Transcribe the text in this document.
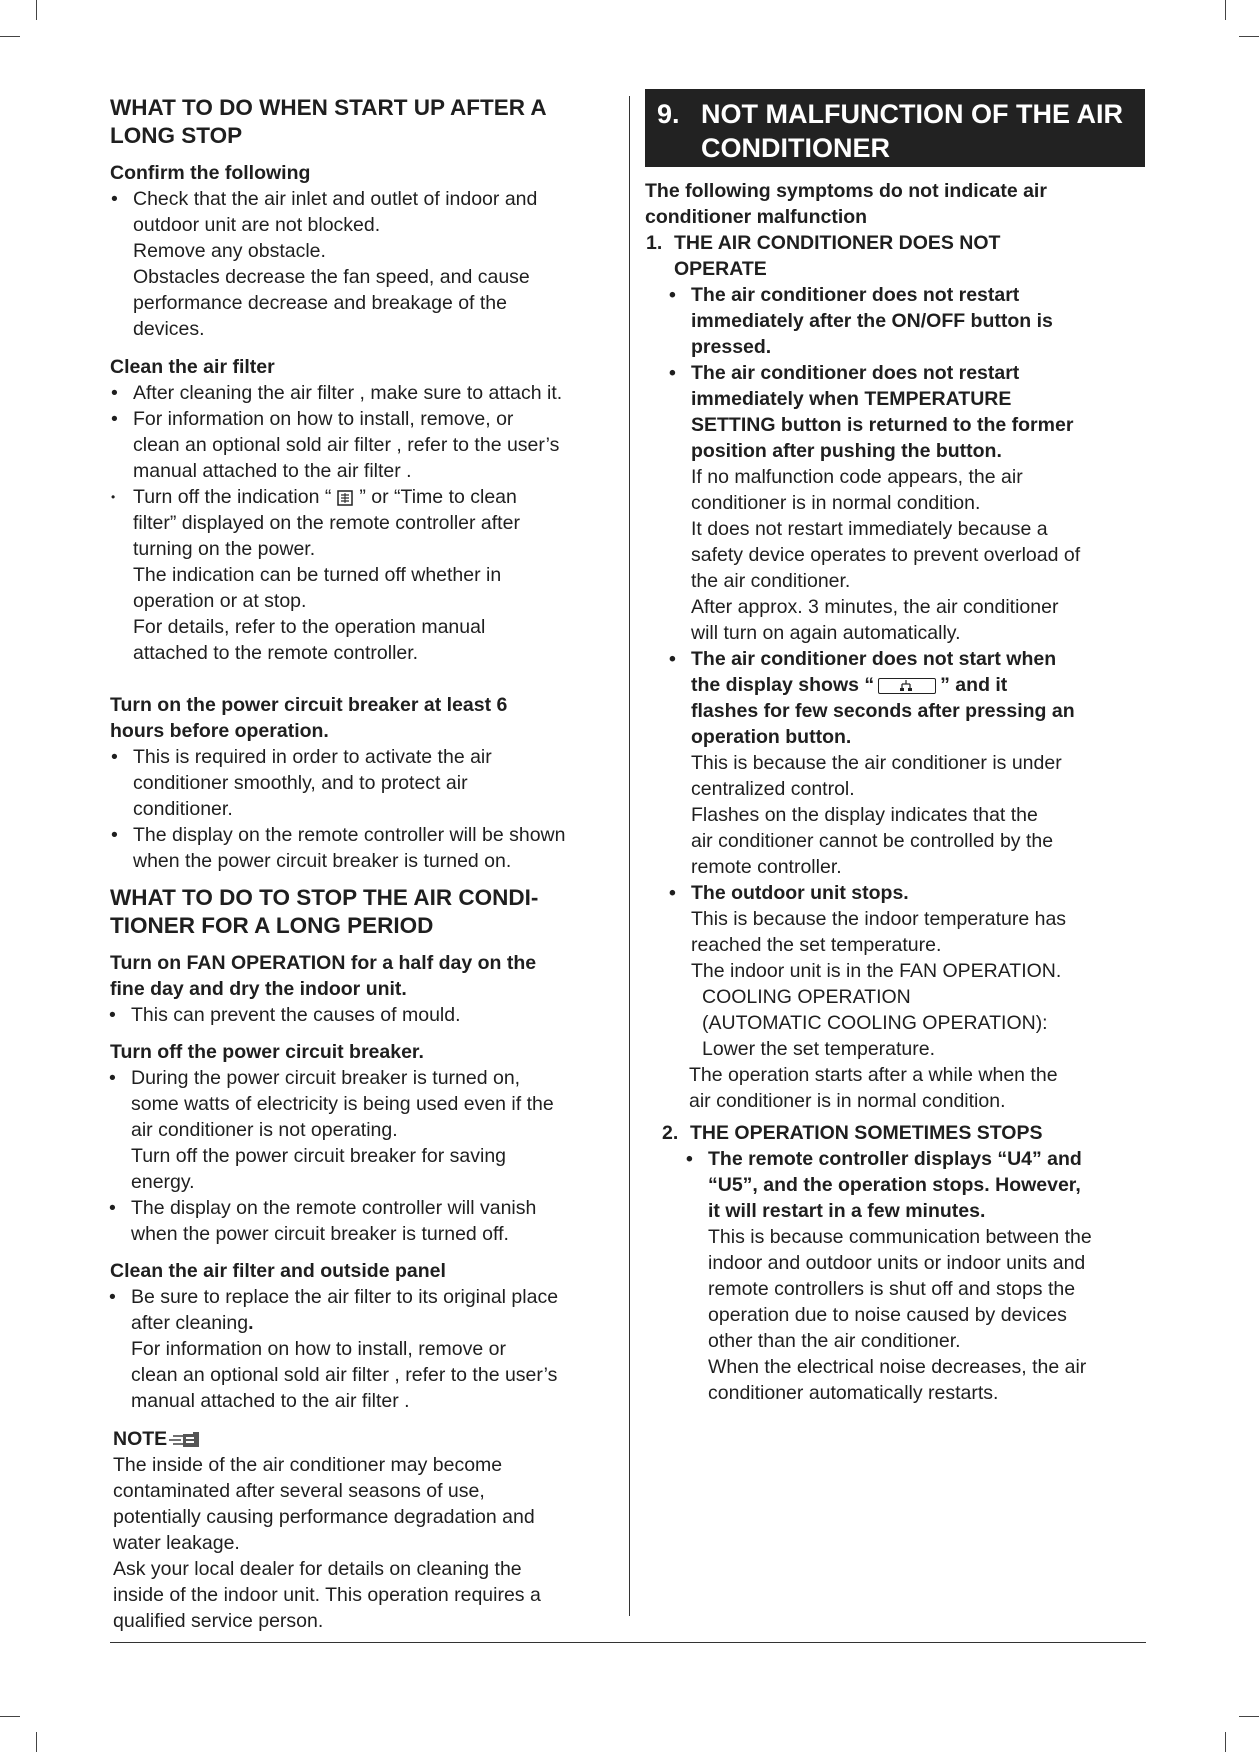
WHAT TO DO WHEN START UP AFTER A
LONG STOP
Confirm the following
• Check that the air inlet and outlet of indoor and
outdoor unit are not blocked.
Remove any obstacle.
Obstacles decrease the fan speed, and cause
performance decrease and breakage of the
devices.
Clean the air filter
• After cleaning the air filter , make sure to attach it.
• For information on how to install, remove, or
clean an optional sold air filter , refer to the user’s
manual attached to the air filter .
• Turn off the indication “ ” or “Time to clean
filter” displayed on the remote controller after
turning on the power.
The indication can be turned off whether in
operation or at stop.
For details, refer to the operation manual
attached to the remote controller.
Turn on the power circuit breaker at least 6
hours before operation.
• This is required in order to activate the air
conditioner smoothly, and to protect air
conditioner.
• The display on the remote controller will be shown
when the power circuit breaker is turned on.
WHAT TO DO TO STOP THE AIR CONDI-
TIONER FOR A LONG PERIOD
Turn on FAN OPERATION for a half day on the
fine day and dry the indoor unit.
• This can prevent the causes of mould.
Turn off the power circuit breaker.
• During the power circuit breaker is turned on,
some watts of electricity is being used even if the
air conditioner is not operating.
Turn off the power circuit breaker for saving
energy.
• The display on the remote controller will vanish
when the power circuit breaker is turned off.
Clean the air filter and outside panel
• Be sure to replace the air filter to its original place
after cleaning.
For information on how to install, remove or
clean an optional sold air filter , refer to the user’s
manual attached to the air filter .
NOTE
The inside of the air conditioner may become
contaminated after several seasons of use,
potentially causing performance degradation and
water leakage.
Ask your local dealer for details on cleaning the
inside of the indoor unit. This operation requires a
qualified service person.
9. NOT MALFUNCTION OF THE AIR
CONDITIONER
The following symptoms do not indicate air
conditioner malfunction
1. THE AIR CONDITIONER DOES NOT
OPERATE
• The air conditioner does not restart
immediately after the ON/OFF button is
pressed.
• The air conditioner does not restart
immediately when TEMPERATURE
SETTING button is returned to the former
position after pushing the button.
If no malfunction code appears, the air
conditioner is in normal condition.
It does not restart immediately because a
safety device operates to prevent overload of
the air conditioner.
After approx. 3 minutes, the air conditioner
will turn on again automatically.
• The air conditioner does not start when
the display shows “	” and it
flashes for few seconds after pressing an
operation button.
This is because the air conditioner is under
centralized control.
Flashes on the display indicates that the
air conditioner cannot be controlled by the
remote controller.
• The outdoor unit stops.
This is because the indoor temperature has
reached the set temperature.
The indoor unit is in the FAN OPERATION.
COOLING OPERATION
(AUTOMATIC COOLING OPERATION):
Lower the set temperature.
The operation starts after a while when the
air conditioner is in normal condition.
2. THE OPERATION SOMETIMES STOPS
• The remote controller displays “U4” and
“U5”, and the operation stops. However,
it will restart in a few minutes.
This is because communication between the
indoor and outdoor units or indoor units and
remote controllers is shut off and stops the
operation due to noise caused by devices
other than the air conditioner.
When the electrical noise decreases, the air
conditioner automatically restarts.
